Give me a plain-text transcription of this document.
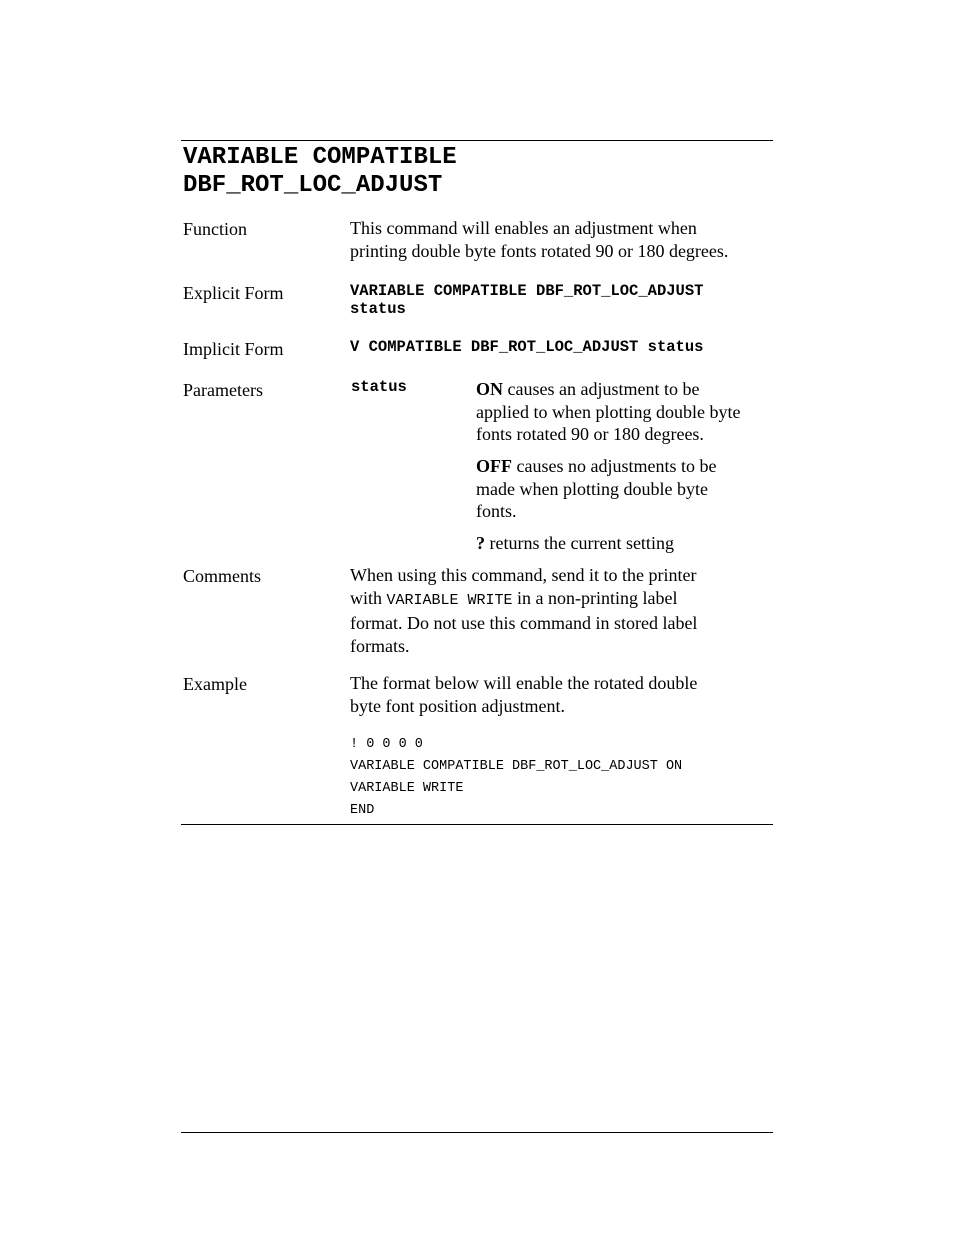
VARIABLE COMPATIBLE
DBF_ROT_LOC_ADJUST
Function	This command will enables an adjustment when
printing double byte fonts rotated 90 or 180 degrees.
Explicit Form	VARIABLE COMPATIBLE DBF_ROT_LOC_ADJUST
status
Implicit Form	V COMPATIBLE DBF_ROT_LOC_ADJUST status
Parameters	status	ON causes an adjustment to be
applied to when plotting double byte
fonts rotated 90 or 180 degrees.
OFF causes no adjustments to be
made when plotting double byte
fonts.
? returns the current setting
Comments	When using this command, send it to the printer
with VARIABLE WRITE in a non-printing label
format. Do not use this command in stored label
formats.
Example	The format below will enable the rotated double
byte font position adjustment.
! 0 0 0 0
VARIABLE COMPATIBLE DBF_ROT_LOC_ADJUST ON
VARIABLE WRITE
END
